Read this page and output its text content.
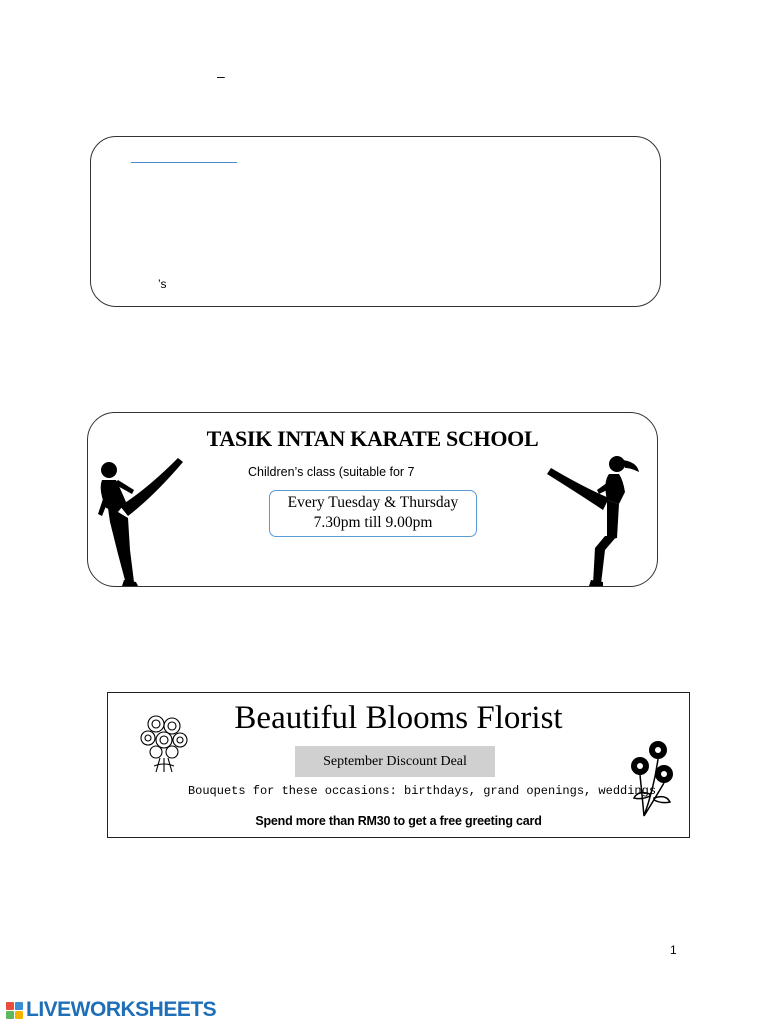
–
’s
TASIK INTAN KARATE SCHOOL
Children’s class (suitable for 7
Every Tuesday & Thursday
7.30pm till 9.00pm
Beautiful Blooms Florist
September Discount Deal
Bouquets for these occasions: birthdays, grand openings, weddings
Spend more than RM30 to get a free greeting card
1
LIVEWORKSHEETS
